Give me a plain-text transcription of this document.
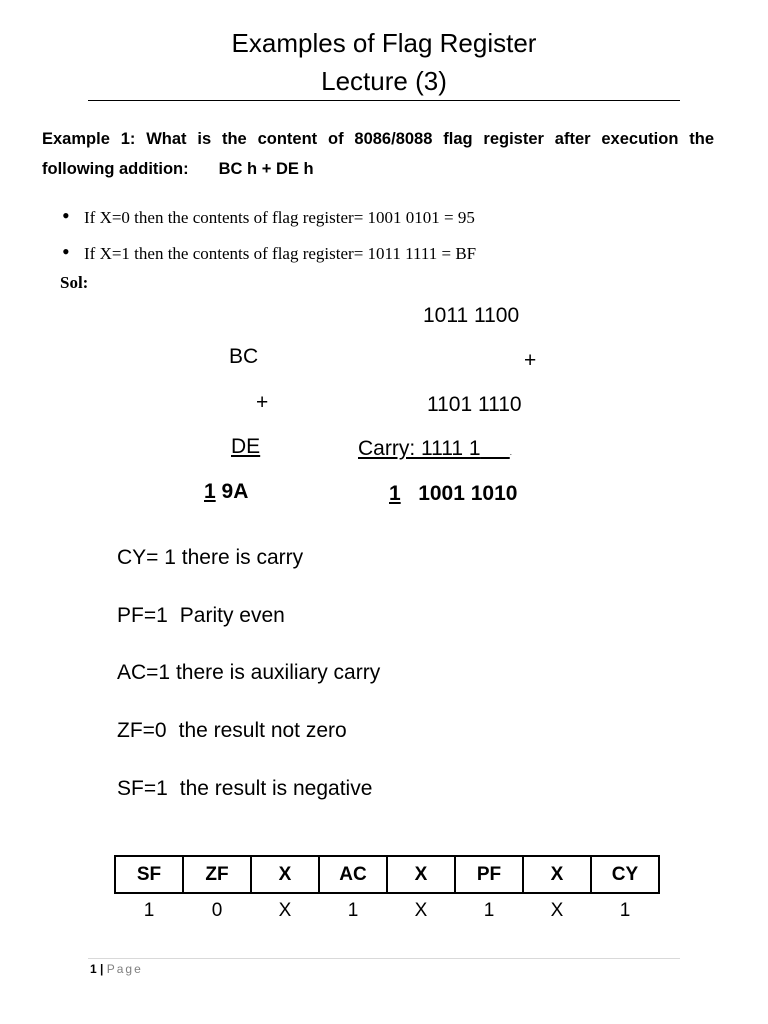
Examples of Flag Register
Lecture (3)
Example 1: What is the content of 8086/8088 flag register after execution the
following addition: BC h + DE h
• If X=0 then the contents of flag register= 1001 0101 = 95
• If X=1 then the contents of flag register= 1011 1111 = BF
Sol:
BC
+
DE
1 9A
1011 1100
+
1101 1110
Carry: 1111 1	.
1 1001 1010
CY= 1 there is carry
PF=1 Parity even
AC=1 there is auxiliary carry
ZF=0 the result not zero
SF=1 the result is negative
SF	ZF	X	AC	X	PF	X	CY
1	0	X	1	X	1	X	1
1 | Page
